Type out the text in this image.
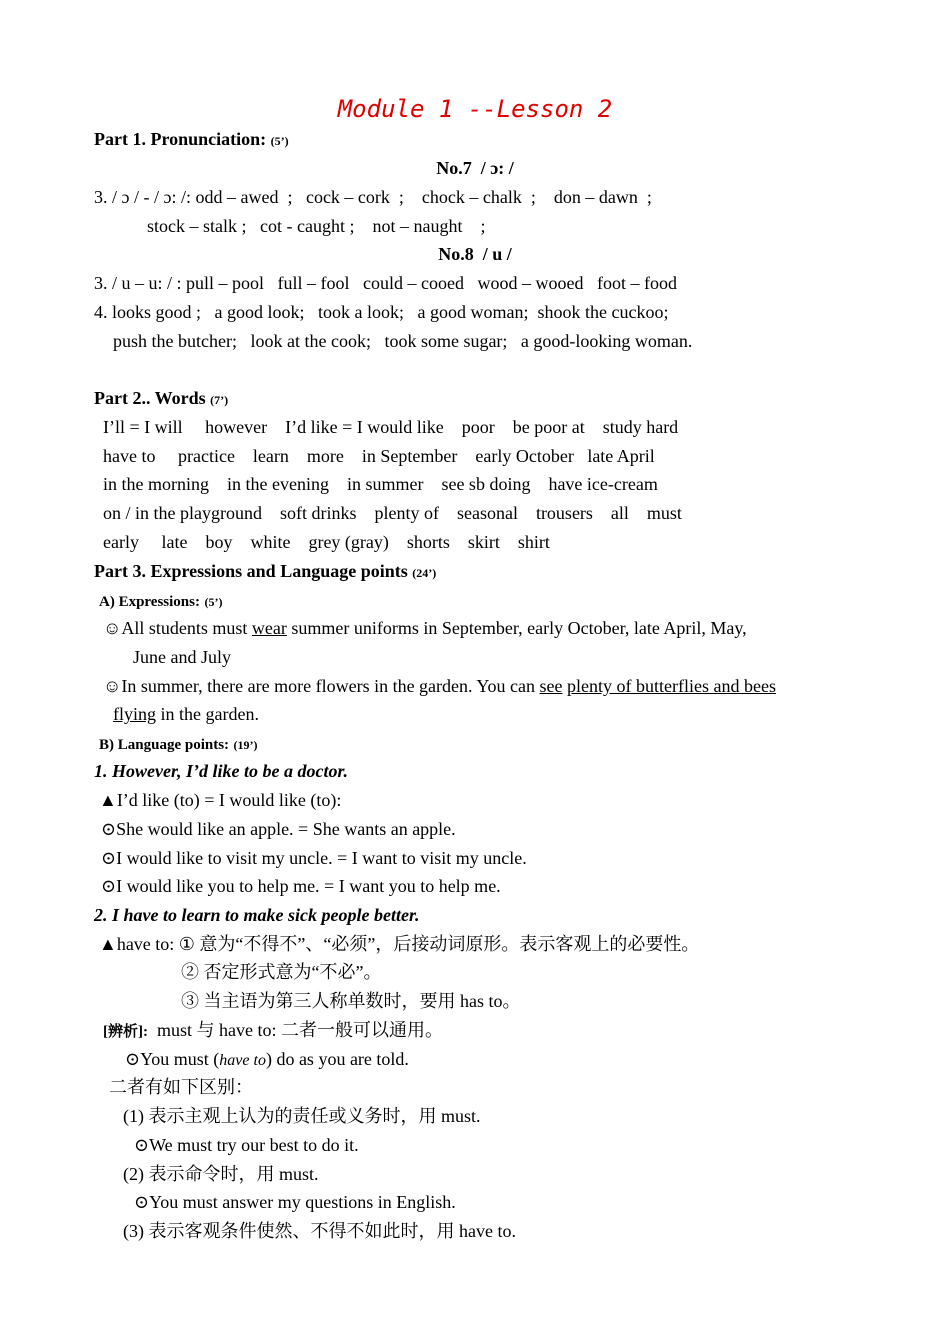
Module 1 --Lesson 2
Part 1. Pronunciation: (5’)
No.7  / ɔ: /
3. / ɔ / - / ɔ: /: odd – awed  ;   cock – cork  ;    chock – chalk  ;    don – dawn  ;
stock – stalk ;   cot - caught ;    not – naught    ;
No.8  / u /
3. / u – u: / : pull – pool   full – fool   could – cooed   wood – wooed   foot – food
4. looks good ;   a good look;   took a look;   a good woman;  shook the cuckoo;
push the butcher;   look at the cook;   took some sugar;   a good-looking woman.
Part 2.. Words (7’)
I’ll = I will     however    I’d like = I would like    poor    be poor at    study hard
have to     practice    learn    more    in September    early October   late April
in the morning    in the evening    in summer    see sb doing    have ice-cream
on / in the playground    soft drinks    plenty of    seasonal    trousers    all    must
early     late    boy    white    grey (gray)    shorts    skirt    shirt
Part 3. Expressions and Language points (24’)
A) Expressions: (5’)
☺All students must wear summer uniforms in September, early October, late April, May,
June and July
☺In summer, there are more flowers in the garden. You can see plenty of butterflies and bees
flying in the garden.
B) Language points: (19’)
1. However, I’d like to be a doctor.
▲I’d like (to) = I would like (to):
⊙She would like an apple. = She wants an apple.
⊙I would like to visit my uncle. = I want to visit my uncle.
⊙I would like you to help me. = I want you to help me.
2. I have to learn to make sick people better.
▲have to: ① 意为“不得不”、“必须”，后接动词原形。表示客观上的必要性。
② 否定形式意为“不必”。
③ 当主语为第三人称单数时，要用 has to。
[辨析]:  must 与 have to: 二者一般可以通用。
⊙You must (have to) do as you are told.
二者有如下区别：
(1) 表示主观上认为的责任或义务时，用 must.
⊙We must try our best to do it.
(2) 表示命令时，用 must.
⊙You must answer my questions in English.
(3) 表示客观条件使然、不得不如此时，用 have to.
